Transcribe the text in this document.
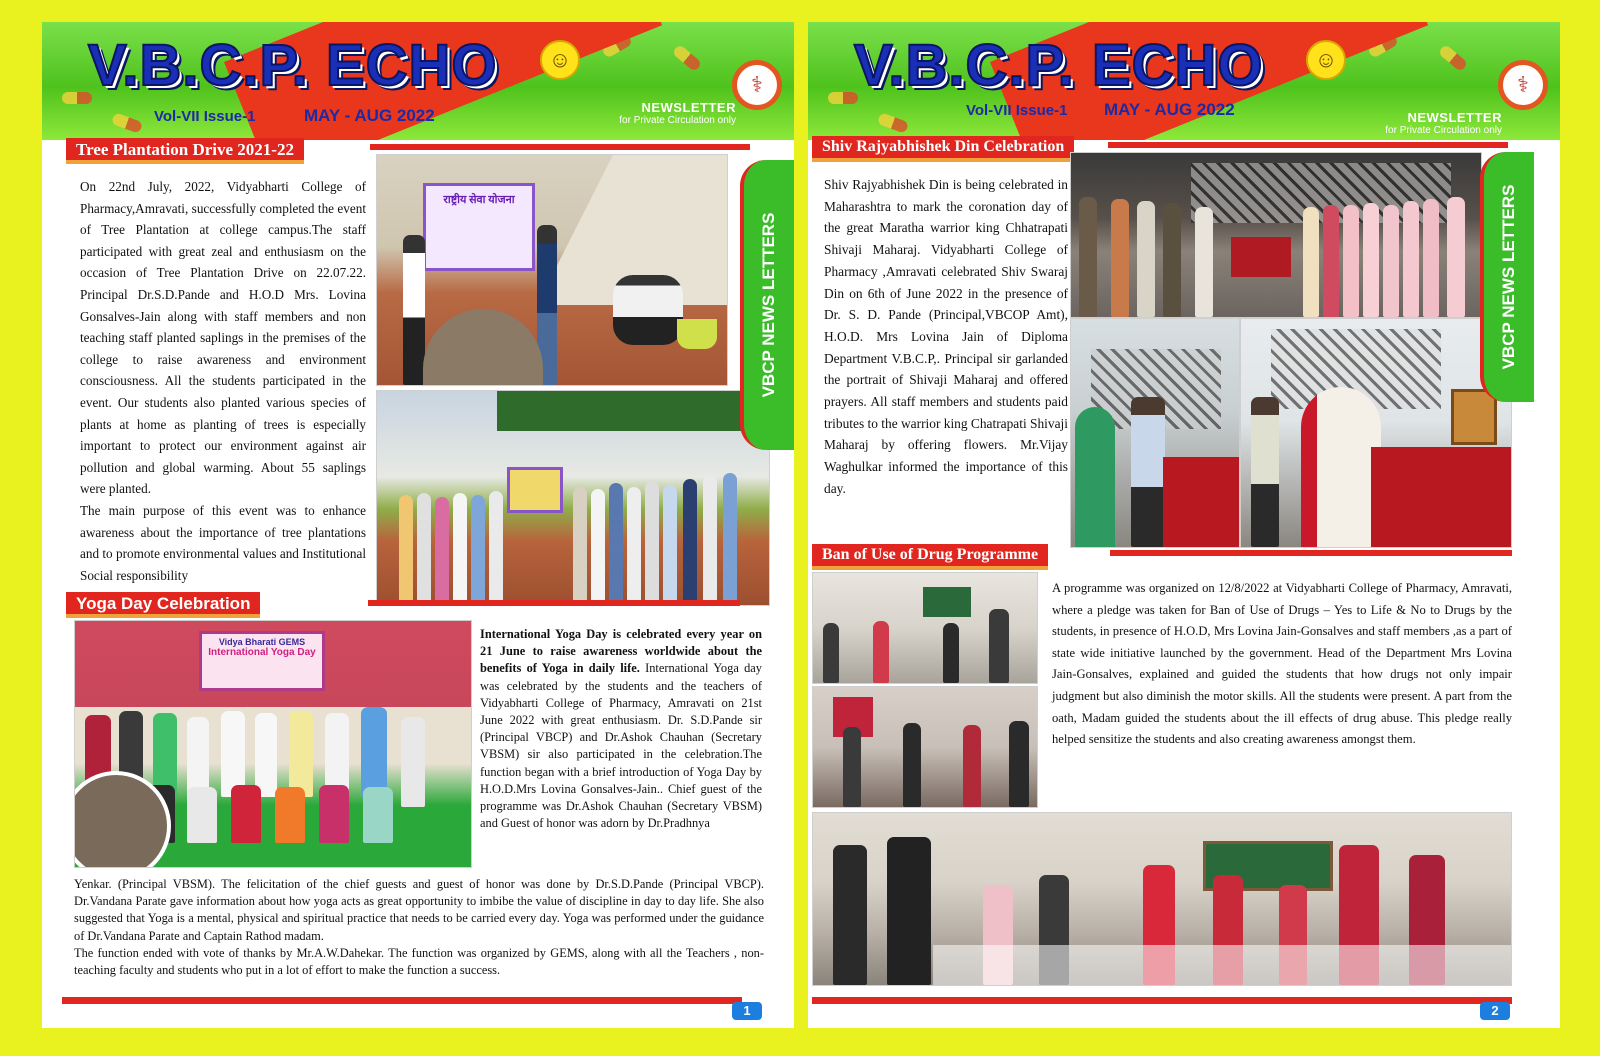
V.B.C.P. ECHO	☺
Vol-VII Issue-1	MAY - AUG 2022	NEWSLETTER
for Private Circulation only
⚕
Tree Plantation Drive 2021-22

On 22nd July, 2022, Vidyabharti College of Pharmacy,Amravati, successfully completed the event of Tree Plantation at college campus.The staff participated with great zeal and enthusiasm on the occasion of Tree Plantation Drive on 22.07.22. Principal Dr.S.D.Pande and H.O.D Mrs. Lovina Gonsalves-Jain along with staff members and non teaching staff planted saplings in the premises of the college to raise awareness and environment consciousness. All the students participated in the event. Our students also planted various species of plants at home as planting of trees is especially important to protect our environment against air pollution and global warming. About 55 saplings were planted.

The main purpose of this event was to enhance awareness about the importance of tree plantations and to promote environmental values and Institutional Social responsibility

राष्ट्रीय सेवा योजना
VBCP NEWS LETTERS
Yoga Day Celebration
Vidya Bharati GEMS
International Yoga Day
International Yoga Day is celebrated every year on 21 June to raise awareness worldwide about the benefits of Yoga in daily life. International Yoga day was celebrated by the students and the teachers of Vidyabharti College of Pharmacy, Amravati on 21st June 2022 with great enthusiasm. Dr. S.D.Pande sir (Principal VBCP) and Dr.Ashok Chauhan (Secretary VBSM) sir also participated in the celebration.The function began with a brief introduction of Yoga Day by H.O.D.Mrs Lovina Gonsalves-Jain.. Chief guest of the programme was Dr.Ashok Chauhan (Secretary VBSM) and Guest of honor was adorn by Dr.Pradhnya

Yenkar. (Principal VBSM). The felicitation of the chief guests and guest of honor was done by Dr.S.D.Pande (Principal VBCP). Dr.Vandana Parate gave information about how yoga acts as great opportunity to imbibe the value of discipline in day to day life. She also suggested that Yoga is a mental, physical and spiritual practice that needs to be carried every day. Yoga was performed under the guidance of Dr.Vandana Parate and Captain Rathod madam.

The function ended with vote of thanks by Mr.A.W.Dahekar. The function was organized by GEMS, along with all the Teachers , non-teaching faculty and students who put in a lot of effort to make the function a success.

1
V.B.C.P. ECHO	☺
Vol-VII Issue-1 MAY - AUG 2022	NEWSLETTER
for Private Circulation only
⚕
Shiv Rajyabhishek Din Celebration

Shiv Rajyabhishek Din is being celebrated in Maharashtra to mark the coronation day of the great Maratha warrior king Chhatrapati Shivaji Maharaj. Vidyabharti College of Pharmacy ,Amravati celebrated Shiv Swaraj Din on 6th of June 2022 in the presence of Dr. S. D. Pande (Principal,VBCOP Amt), H.O.D. Mrs Lovina Jain of Diploma Department V.B.C.P,. Principal sir garlanded the portrait of Shivaji Maharaj and offered prayers. All staff members and students paid tributes to the warrior king Chatrapati Shivaji Maharaj by offering flowers. Mr.Vijay Waghulkar informed the importance of this day.

VBCP NEWS LETTERS
Ban of Use of Drug Programme

A programme was organized on 12/8/2022 at Vidyabharti College of Pharmacy, Amravati, where a pledge was taken for Ban of Use of Drugs – Yes to Life & No to Drugs by the students, in presence of H.O.D, Mrs Lovina Jain-Gonsalves and staff members ,as a part of state wide initiative launched by the government. Head of the Department Mrs Lovina Jain-Gonsalves, explained and guided the students that how drugs not only impair judgment but also diminish the motor skills. All the students were present. A part from the oath, Madam guided the students about the ill effects of drug abuse. This pledge really helped sensitize the students and also creating awareness amongst them.

2
